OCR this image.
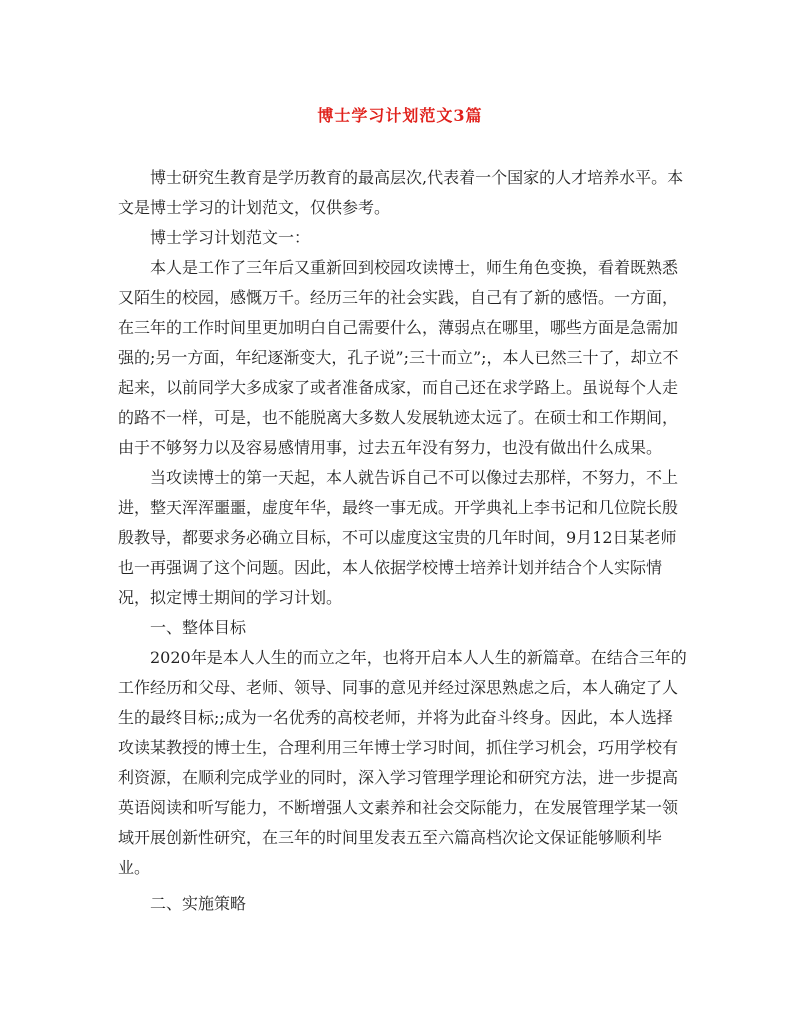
博士学习计划范文3篇

博士研究生教育是学历教育的最高层次,代表着一个国家的人才培养水平。本文是博士学习的计划范文，仅供参考。

博士学习计划范文一：

本人是工作了三年后又重新回到校园攻读博士，师生角色变换，看着既熟悉又陌生的校园，感慨万千。经历三年的社会实践，自己有了新的感悟。一方面，在三年的工作时间里更加明白自己需要什么，薄弱点在哪里，哪些方面是急需加强的;另一方面，年纪逐渐变大，孔子说”;三十而立”;，本人已然三十了，却立不起来，以前同学大多成家了或者准备成家，而自己还在求学路上。虽说每个人走的路不一样，可是，也不能脱离大多数人发展轨迹太远了。在硕士和工作期间，由于不够努力以及容易感情用事，过去五年没有努力，也没有做出什么成果。

当攻读博士的第一天起，本人就告诉自己不可以像过去那样，不努力，不上进，整天浑浑噩噩，虚度年华，最终一事无成。开学典礼上李书记和几位院长殷殷教导，都要求务必确立目标，不可以虚度这宝贵的几年时间，9月12日某老师也一再强调了这个问题。因此，本人依据学校博士培养计划并结合个人实际情况，拟定博士期间的学习计划。

一、整体目标

2020年是本人人生的而立之年，也将开启本人人生的新篇章。在结合三年的工作经历和父母、老师、领导、同事的意见并经过深思熟虑之后，本人确定了人生的最终目标;;成为一名优秀的高校老师，并将为此奋斗终身。因此，本人选择攻读某教授的博士生，合理利用三年博士学习时间，抓住学习机会，巧用学校有利资源，在顺利完成学业的同时，深入学习管理学理论和研究方法，进一步提高英语阅读和听写能力，不断增强人文素养和社会交际能力，在发展管理学某一领域开展创新性研究，在三年的时间里发表五至六篇高档次论文保证能够顺利毕业。

二、实施策略
